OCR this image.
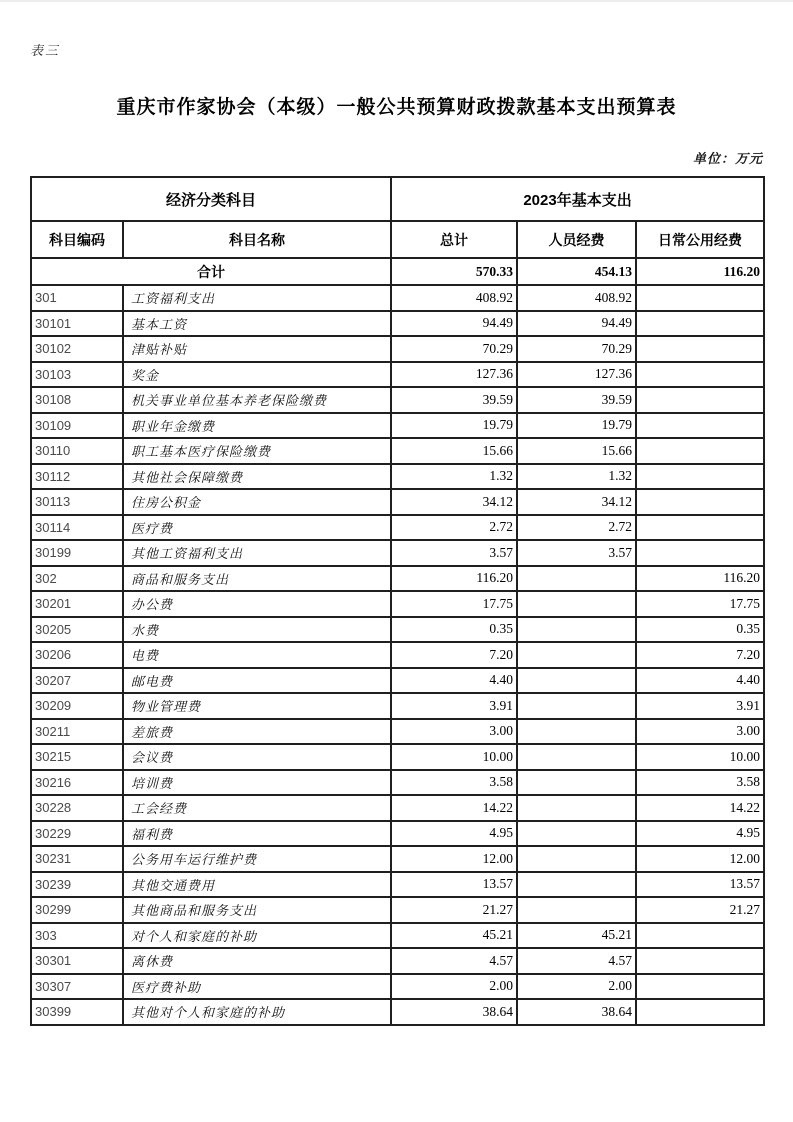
表三
重庆市作家协会（本级）一般公共预算财政拨款基本支出预算表
单位：万元
经济分类科目		2023年基本支出		
科目编码	科目名称	总计	人员经费	日常公用经费
合计		570.33	454.13	116.20
301	工资福利支出	408.92	408.92	
30101	基本工资	94.49	94.49	
30102	津贴补贴	70.29	70.29	
30103	奖金	127.36	127.36	
30108	机关事业单位基本养老保险缴费	39.59	39.59	
30109	职业年金缴费	19.79	19.79	
30110	职工基本医疗保险缴费	15.66	15.66	
30112	其他社会保障缴费	1.32	1.32	
30113	住房公积金	34.12	34.12	
30114	医疗费	2.72	2.72	
30199	其他工资福利支出	3.57	3.57	
302	商品和服务支出	116.20		116.20
30201	办公费	17.75		17.75
30205	水费	0.35		0.35
30206	电费	7.20		7.20
30207	邮电费	4.40		4.40
30209	物业管理费	3.91		3.91
30211	差旅费	3.00		3.00
30215	会议费	10.00		10.00
30216	培训费	3.58		3.58
30228	工会经费	14.22		14.22
30229	福利费	4.95		4.95
30231	公务用车运行维护费	12.00		12.00
30239	其他交通费用	13.57		13.57
30299	其他商品和服务支出	21.27		21.27
303	对个人和家庭的补助	45.21	45.21	
30301	离休费	4.57	4.57	
30307	医疗费补助	2.00	2.00	
30399	其他对个人和家庭的补助	38.64	38.64	
